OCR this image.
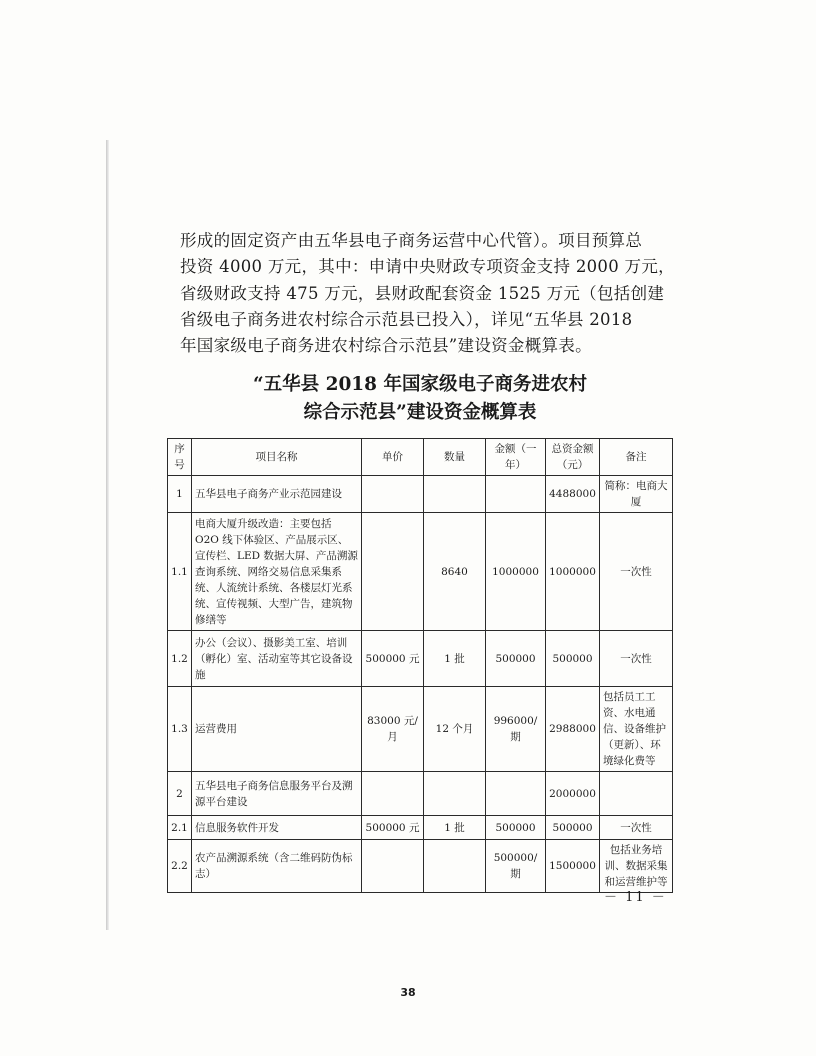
形成的固定资产由五华县电子商务运营中心代管）。项目预算总
投资 4000 万元，其中：申请中央财政专项资金支持 2000 万元，
省级财政支持 475 万元，县财政配套资金 1525 万元（包括创建
省级电子商务进农村综合示范县已投入），详见“五华县 2018
年国家级电子商务进农村综合示范县”建设资金概算表。
“五华县 2018 年国家级电子商务进农村
综合示范县”建设资金概算表
序号	项目名称	单价	数量	金额（一年）	总资金额（元）	备注
1	五华县电子商务产业示范园建设				4488000	简称：电商大厦
1.1	电商大厦升级改造：主要包括 O2O 线下体验区、产品展示区、宣传栏、LED 数据大屏、产品溯源查询系统、网络交易信息采集系统、人流统计系统、各楼层灯光系统、宣传视频、大型广告，建筑物修缮等		8640	1000000	1000000	一次性
1.2	办公（会议）、摄影美工室、培训（孵化）室、活动室等其它设备设施	500000 元	1 批	500000	500000	一次性
1.3	运营费用	83000 元/月	12 个月	996000/期	2988000	包括员工工资、水电通信、设备维护（更新）、环境绿化费等
2	五华县电子商务信息服务平台及溯源平台建设				2000000	
2.1	信息服务软件开发	500000 元	1 批	500000	500000	一次性
2.2	农产品溯源系统（含二维码防伪标志）			500000/期	1500000	包括业务培训、数据采集和运营维护等
－ 11 －
38
